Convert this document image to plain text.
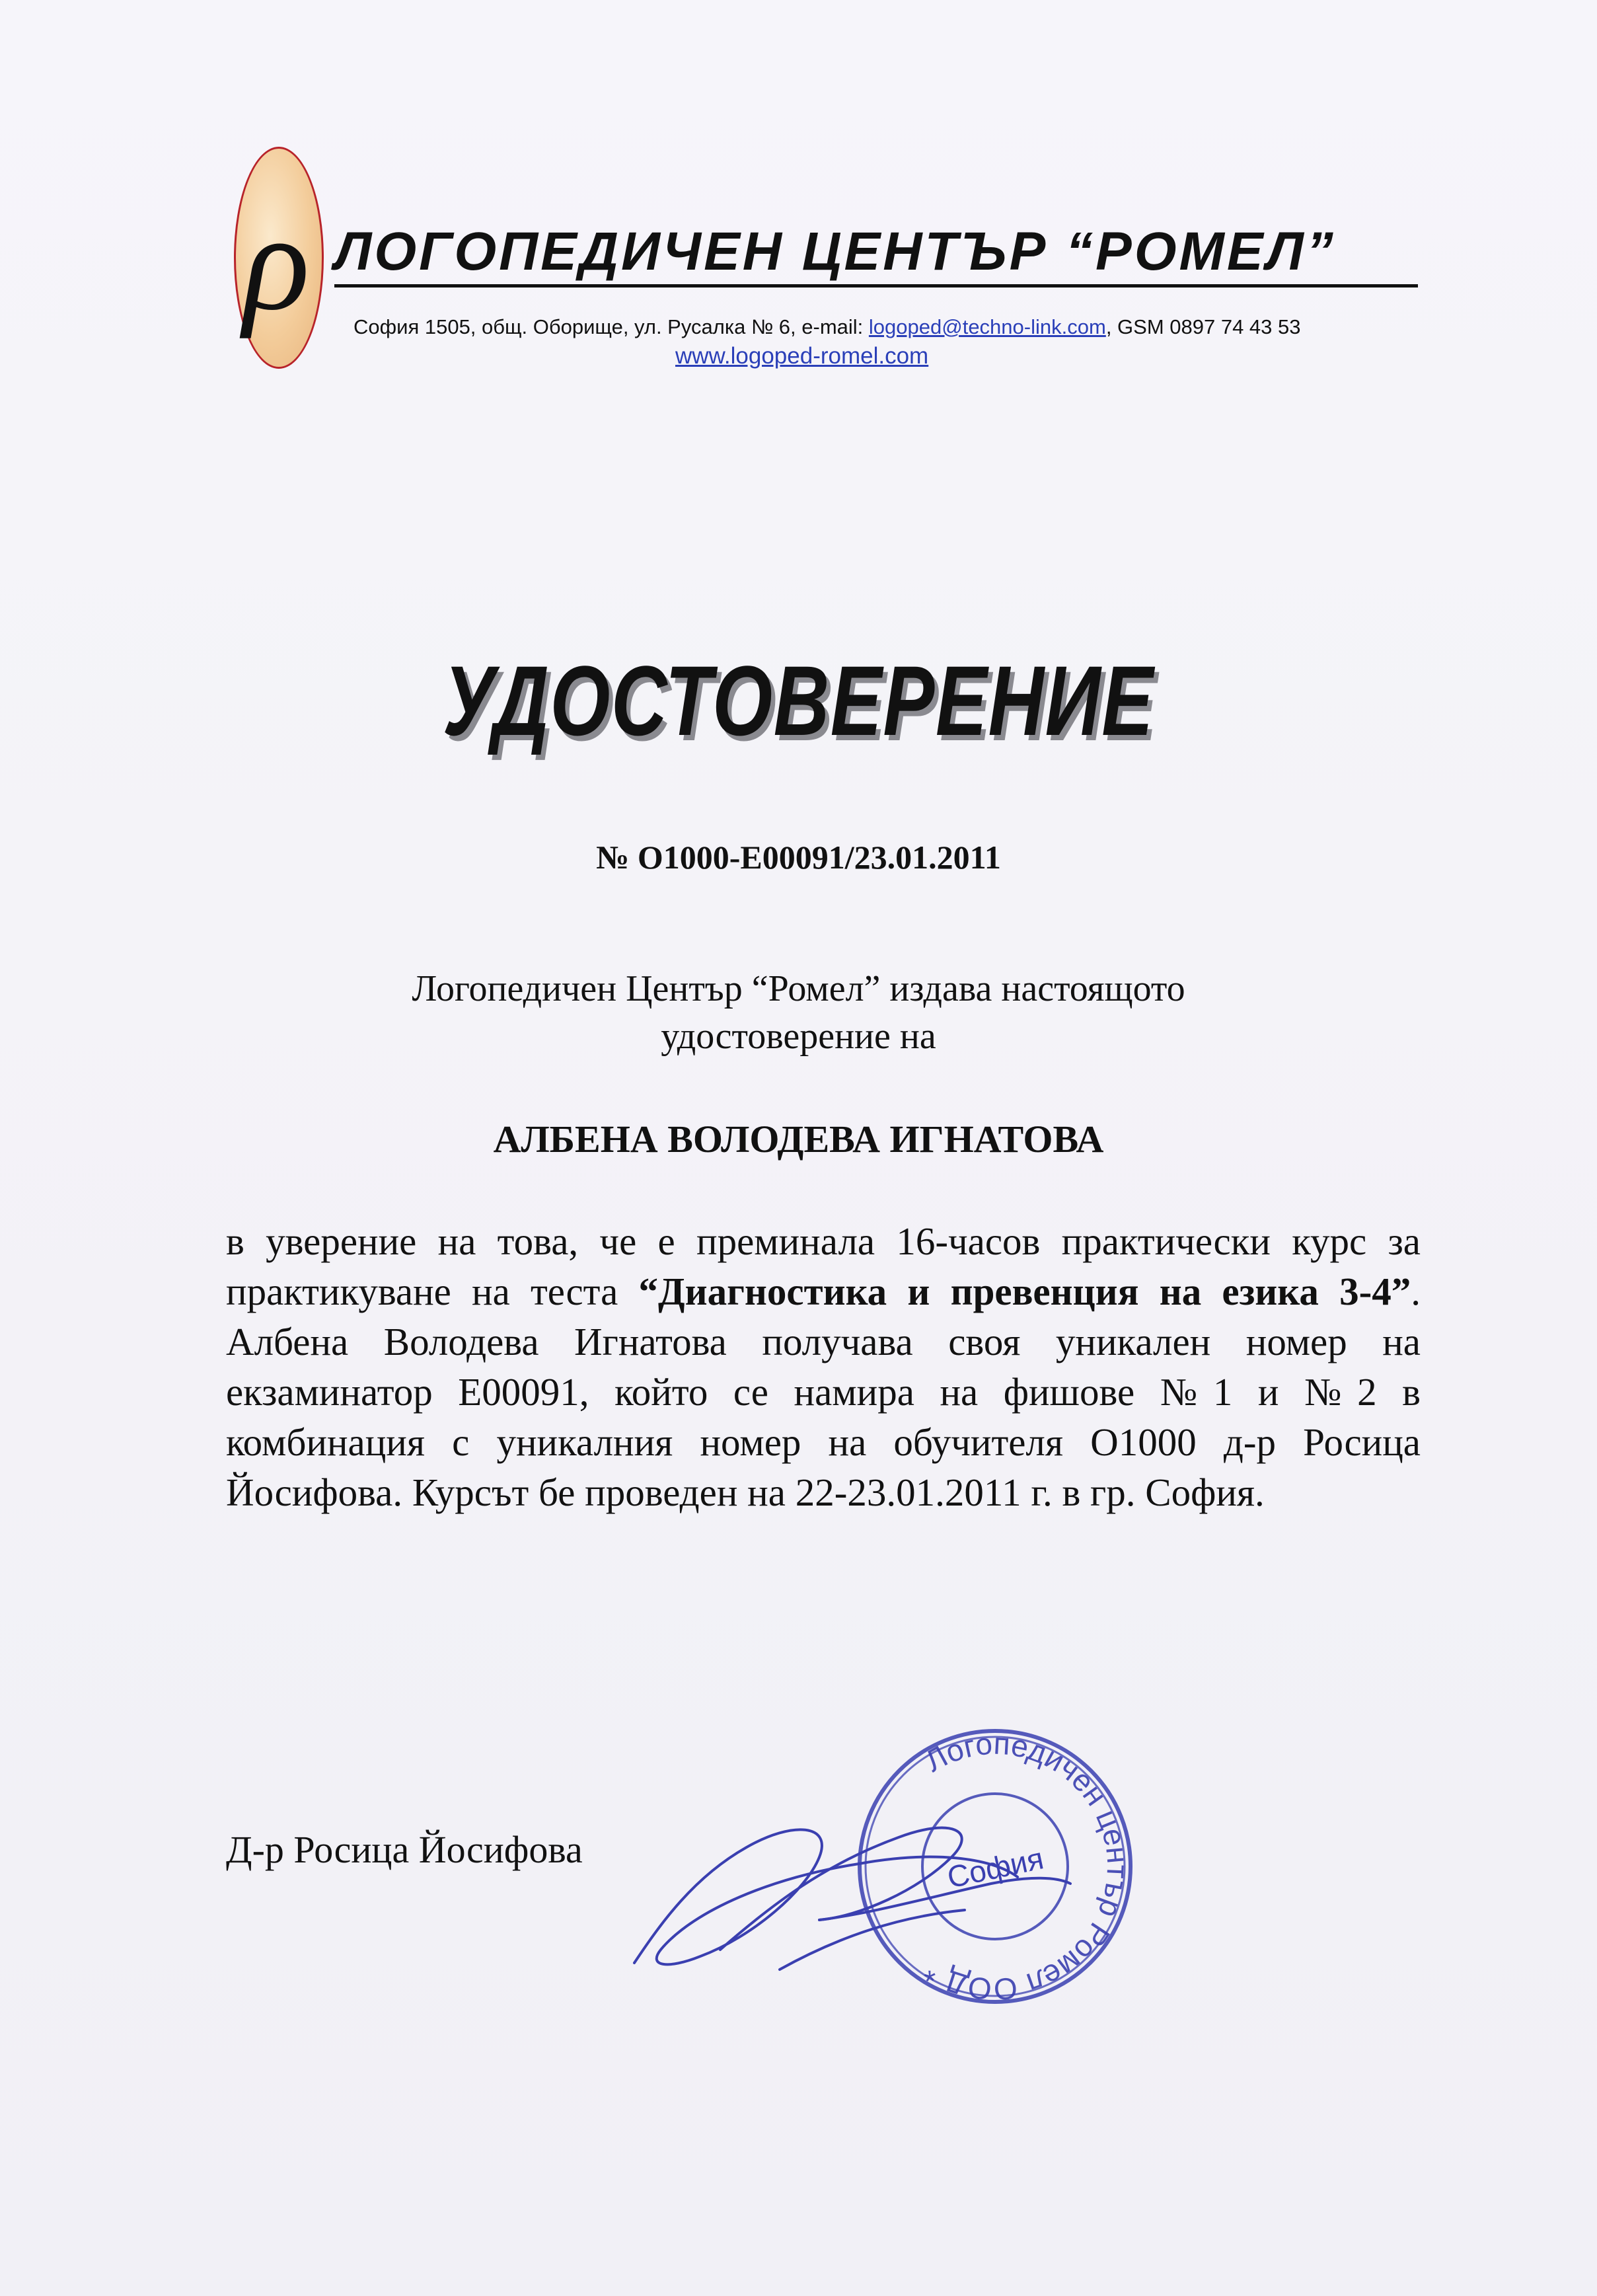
ρ ЛОГОПЕДИЧЕН ЦЕНТЪР “РОМЕЛ”
София 1505, общ. Оборище, ул. Русалка № 6, e-mail: logoped@techno-link.com, GSM 0897 74 43 53
www.logoped-romel.com
УДОСТОВЕРЕНИЕ
№ О1000-Е00091/23.01.2011
Логопедичен Център “Ромел” издава настоящото
удостоверение на
АЛБЕНА ВОЛОДЕВА ИГНАТОВА
в уверение на това, че е преминала 16-часов практически курс за практикуване на теста “Диагностика и превенция на езика 3-4”. Албена Володева Игнатова получава своя уникален номер на екзаминатор Е00091, който се намира на фишове №1 и №2 в комбинация с уникалния номер на обучителя О1000 д-р Росица Йосифова. Курсът бе проведен на 22-23.01.2011 г. в гр. София.
Д-р Росица Йосифова
Логопедичен център Ромел ООД *
София
